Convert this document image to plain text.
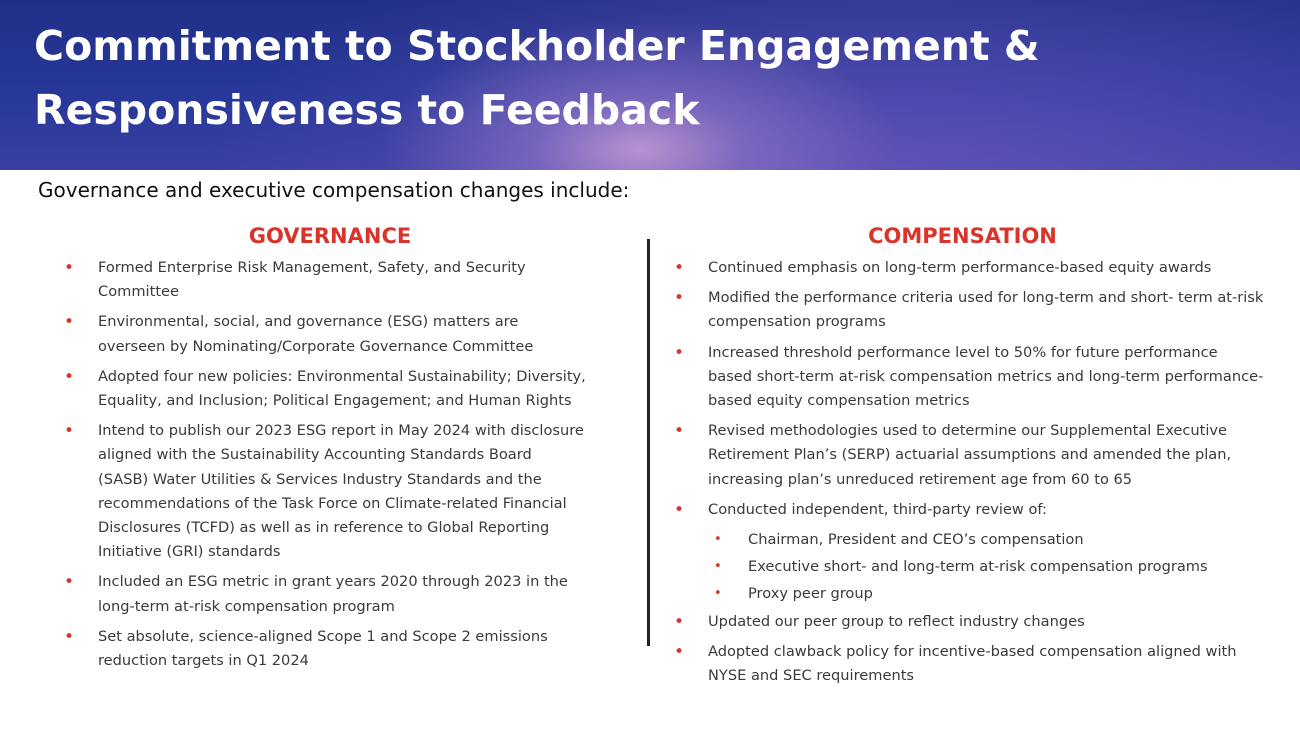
Commitment to Stockholder Engagement &
Responsiveness to Feedback

Governance and executive compensation changes include:

GOVERNANCE	COMPENSATION
• Formed Enterprise Risk Management, Safety, and Security Committee
• Environmental, social, and governance (ESG) matters are overseen by Nominating/Corporate Governance Committee
• Adopted four new policies: Environmental Sustainability; Diversity, Equality, and Inclusion; Political Engagement; and Human Rights
• Intend to publish our 2023 ESG report in May 2024 with disclosure aligned with the Sustainability Accounting Standards Board (SASB) Water Utilities & Services Industry Standards and the recommendations of the Task Force on Climate-related Financial Disclosures (TCFD) as well as in reference to Global Reporting Initiative (GRI) standards
• Included an ESG metric in grant years 2020 through 2023 in the long-term at-risk compensation program
• Set absolute, science-aligned Scope 1 and Scope 2 emissions reduction targets in Q1 2024
• Continued emphasis on long-term performance-based equity awards
• Modified the performance criteria used for long-term and short- term at-risk compensation programs
• Increased threshold performance level to 50% for future performance based short-term at-risk compensation metrics and long-term performance-based equity compensation metrics
• Revised methodologies used to determine our Supplemental Executive Retirement Plan’s (SERP) actuarial assumptions and amended the plan, increasing plan’s unreduced retirement age from 60 to 65
• Conducted independent, third-party review of:
• Chairman, President and CEO’s compensation
• Executive short- and long-term at-risk compensation programs
• Proxy peer group
• Updated our peer group to reflect industry changes
• Adopted clawback policy for incentive-based compensation aligned with NYSE and SEC requirements
